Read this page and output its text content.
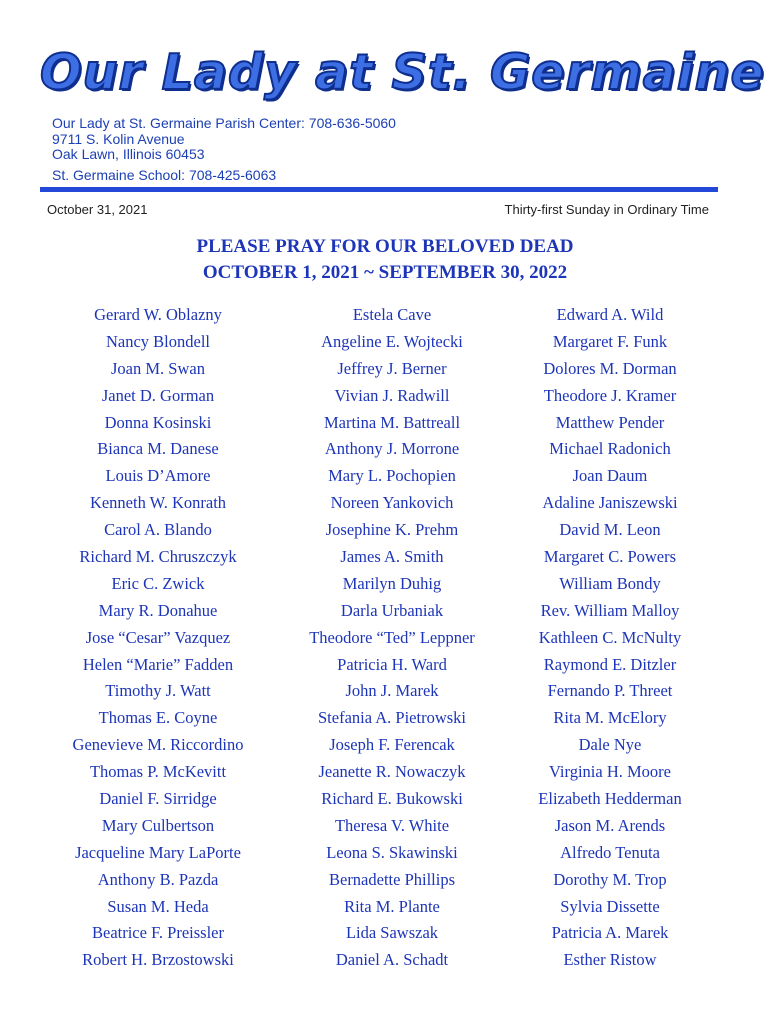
Our Lady at St. Germaine
Our Lady at St. Germaine Parish Center: 708-636-5060
9711 S. Kolin Avenue
Oak Lawn, Illinois 60453
St. Germaine School: 708-425-6063
October 31, 2021	Thirty-first Sunday in Ordinary Time
PLEASE PRAY FOR OUR BELOVED DEAD
OCTOBER 1, 2021 ~ SEPTEMBER 30, 2022
Gerard W. Oblazny
Nancy Blondell
Joan M. Swan
Janet D. Gorman
Donna Kosinski
Bianca M. Danese
Louis D’Amore
Kenneth W. Konrath
Carol A. Blando
Richard M. Chruszczyk
Eric C. Zwick
Mary R. Donahue
Jose “Cesar” Vazquez
Helen “Marie” Fadden
Timothy J. Watt
Thomas E. Coyne
Genevieve M. Riccordino
Thomas P. McKevitt
Daniel F. Sirridge
Mary Culbertson
Jacqueline Mary LaPorte
Anthony B. Pazda
Susan M. Heda
Beatrice F. Preissler
Robert H. Brzostowski
Estela Cave
Angeline E. Wojtecki
Jeffrey J. Berner
Vivian J. Radwill
Martina M. Battreall
Anthony J. Morrone
Mary L. Pochopien
Noreen Yankovich
Josephine K. Prehm
James A. Smith
Marilyn Duhig
Darla Urbaniak
Theodore “Ted” Leppner
Patricia H. Ward
John J. Marek
Stefania A. Pietrowski
Joseph F. Ferencak
Jeanette R. Nowaczyk
Richard E. Bukowski
Theresa V. White
Leona S. Skawinski
Bernadette Phillips
Rita M. Plante
Lida Sawszak
Daniel A. Schadt
Edward A. Wild
Margaret F. Funk
Dolores M. Dorman
Theodore J. Kramer
Matthew Pender
Michael Radonich
Joan Daum
Adaline Janiszewski
David M. Leon
Margaret C. Powers
William Bondy
Rev. William Malloy
Kathleen C. McNulty
Raymond E. Ditzler
Fernando P. Threet
Rita M. McElory
Dale Nye
Virginia H. Moore
Elizabeth Hedderman
Jason M. Arends
Alfredo Tenuta
Dorothy M. Trop
Sylvia Dissette
Patricia A. Marek
Esther Ristow
